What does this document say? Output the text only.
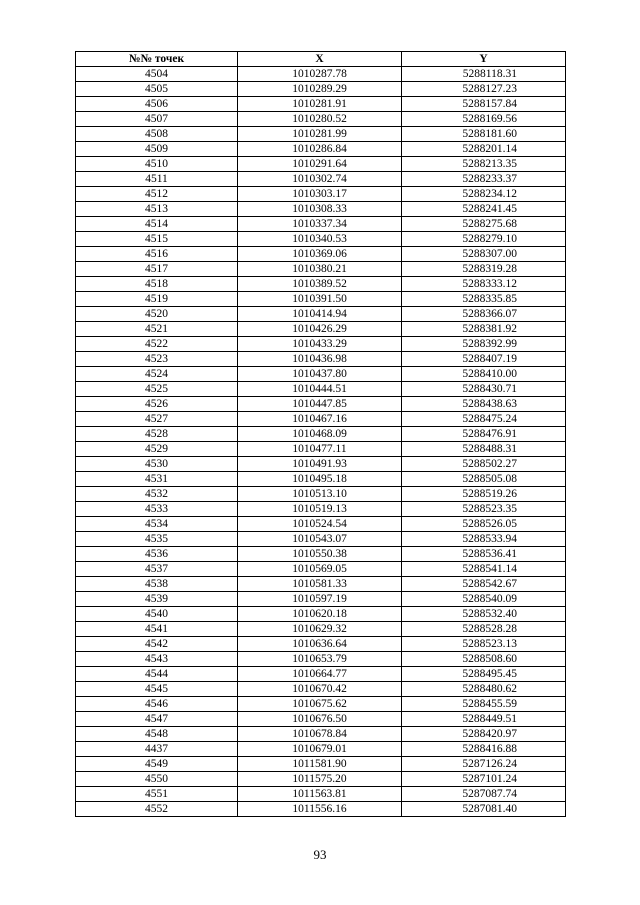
№№ точек	X	Y
4504	1010287.78	5288118.31
4505	1010289.29	5288127.23
4506	1010281.91	5288157.84
4507	1010280.52	5288169.56
4508	1010281.99	5288181.60
4509	1010286.84	5288201.14
4510	1010291.64	5288213.35
4511	1010302.74	5288233.37
4512	1010303.17	5288234.12
4513	1010308.33	5288241.45
4514	1010337.34	5288275.68
4515	1010340.53	5288279.10
4516	1010369.06	5288307.00
4517	1010380.21	5288319.28
4518	1010389.52	5288333.12
4519	1010391.50	5288335.85
4520	1010414.94	5288366.07
4521	1010426.29	5288381.92
4522	1010433.29	5288392.99
4523	1010436.98	5288407.19
4524	1010437.80	5288410.00
4525	1010444.51	5288430.71
4526	1010447.85	5288438.63
4527	1010467.16	5288475.24
4528	1010468.09	5288476.91
4529	1010477.11	5288488.31
4530	1010491.93	5288502.27
4531	1010495.18	5288505.08
4532	1010513.10	5288519.26
4533	1010519.13	5288523.35
4534	1010524.54	5288526.05
4535	1010543.07	5288533.94
4536	1010550.38	5288536.41
4537	1010569.05	5288541.14
4538	1010581.33	5288542.67
4539	1010597.19	5288540.09
4540	1010620.18	5288532.40
4541	1010629.32	5288528.28
4542	1010636.64	5288523.13
4543	1010653.79	5288508.60
4544	1010664.77	5288495.45
4545	1010670.42	5288480.62
4546	1010675.62	5288455.59
4547	1010676.50	5288449.51
4548	1010678.84	5288420.97
4437	1010679.01	5288416.88
4549	1011581.90	5287126.24
4550	1011575.20	5287101.24
4551	1011563.81	5287087.74
4552	1011556.16	5287081.40
93
